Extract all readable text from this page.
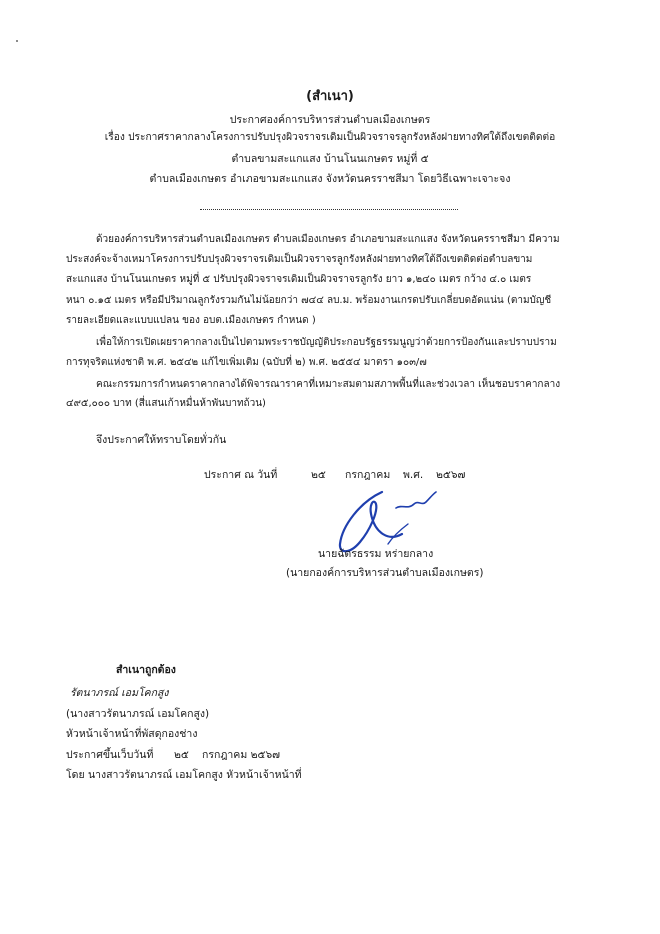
(สำเนา)
ประกาศองค์การบริหารส่วนตำบลเมืองเกษตร
เรื่อง ประกาศราคากลางโครงการปรับปรุงผิวจราจรเดิมเป็นผิวจราจรลูกรังหลังฝายทางทิศใต้ถึงเขตติดต่อ
ตำบลขามสะแกแสง บ้านโนนเกษตร หมู่ที่ ๕
ตำบลเมืองเกษตร อำเภอขามสะแกแสง จังหวัดนครราชสีมา โดยวิธีเฉพาะเจาะจง
ด้วยองค์การบริหารส่วนตำบลเมืองเกษตร ตำบลเมืองเกษตร อำเภอขามสะแกแสง จังหวัดนครราชสีมา มีความ
ประสงค์จะจ้างเหมาโครงการปรับปรุงผิวจราจรเดิมเป็นผิวจราจรลูกรังหลังฝายทางทิศใต้ถึงเขตติดต่อตำบลขาม
สะแกแสง บ้านโนนเกษตร หมู่ที่ ๕ ปรับปรุงผิวจราจรเดิมเป็นผิวจราจรลูกรัง ยาว ๑,๒๔๐ เมตร กว้าง ๔.๐ เมตร
หนา ๐.๑๕ เมตร หรือมีปริมาณลูกรังรวมกันไม่น้อยกว่า ๗๔๔ ลบ.ม. พร้อมงานเกรดปรับเกลี่ยบดอัดแน่น (ตามบัญชี
รายละเอียดและแบบแปลน ของ อบต.เมืองเกษตร กำหนด )
เพื่อให้การเปิดเผยราคากลางเป็นไปตามพระราชบัญญัติประกอบรัฐธรรมนูญว่าด้วยการป้องกันและปราบปราม
การทุจริตแห่งชาติ พ.ศ. ๒๕๔๒ แก้ไขเพิ่มเติม (ฉบับที่ ๒) พ.ศ. ๒๕๕๔ มาตรา ๑๐๓/๗
คณะกรรมการกำหนดราคากลางได้พิจารณาราคาที่เหมาะสมตามสภาพพื้นที่และช่วงเวลา เห็นชอบราคากลาง
๔๙๕,๐๐๐ บาท (สี่แสนเก้าหมื่นห้าพันบาทถ้วน)
จึงประกาศให้ทราบโดยทั่วกัน
ประกาศ ณ วันที่	๒๕ กรกฎาคม พ.ศ. ๒๕๖๗
นายฉัตรธรรม หร่ายกลาง
(นายกองค์การบริหารส่วนตำบลเมืองเกษตร)
สำเนาถูกต้อง
รัตนาภรณ์ เอมโคกสูง
(นางสาวรัตนาภรณ์ เอมโคกสูง)
หัวหน้าเจ้าหน้าที่พัสดุกองช่าง
ประกาศขึ้นเว็บวันที่ ๒๕ กรกฎาคม ๒๕๖๗
โดย นางสาวรัตนาภรณ์ เอมโคกสูง หัวหน้าเจ้าหน้าที่
